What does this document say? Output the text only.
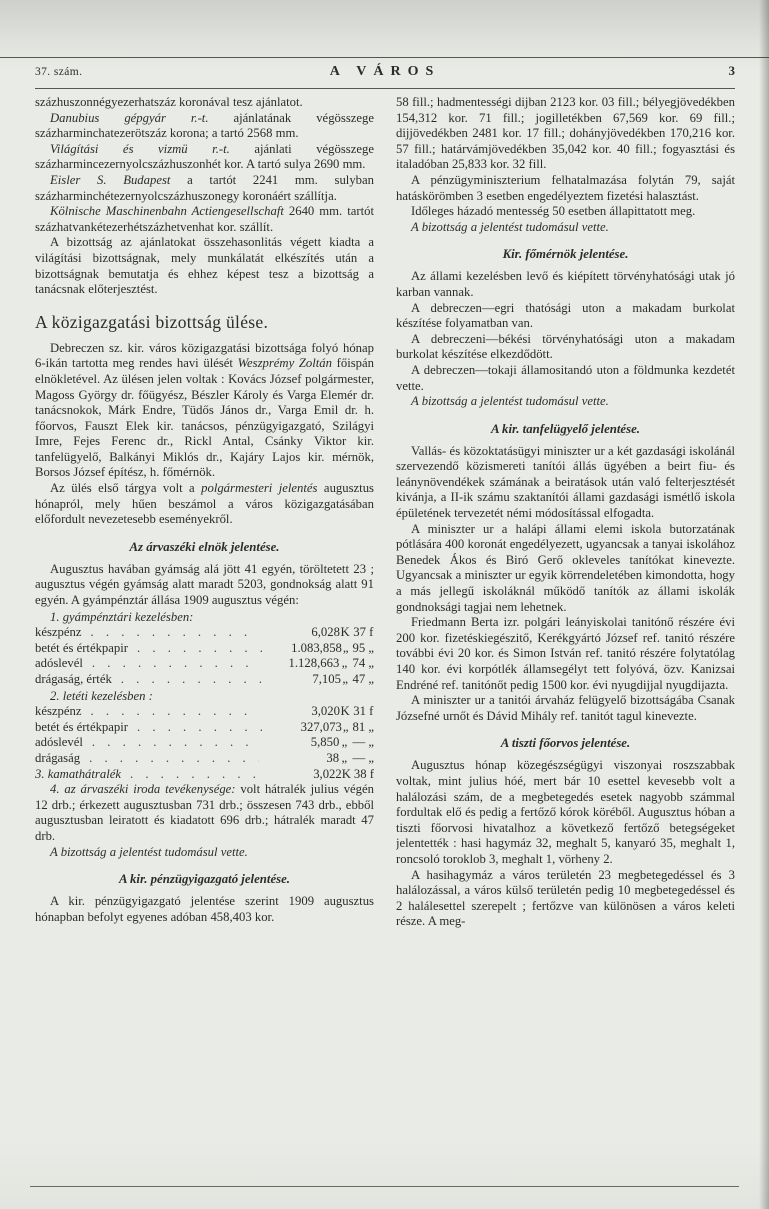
37. szám.	A VÁROS	3

százhuszonnégyezerhatszáz koronával tesz ajánlatot.

Danubius gépgyár r.-t. ajánlatának végösszege százharminchatezerötszáz korona; a tartó 2568 mm.

Világítási és vizmü r.-t. ajánlati végösszege százharmincezernyolcszázhuszonhét kor. A tartó sulya 2690 mm.

Eisler S. Budapest a tartót 2241 mm. sulyban százharminchétezernyolcszázhuszonegy koronáért szállítja.

Kölnische Maschinenbahn Actiengesellschaft 2640 mm. tartót százhatvankétezerhétszázhetvenhat kor. szállít.

A bizottság az ajánlatokat összehasonlitás végett kiadta a világítási bizottságnak, mely munkálatát elkészítés után a bizottságnak bemutatja és ehhez képest tesz a bizottság a tanácsnak előterjesztést.

A közigazgatási bizottság ülése.

Debreczen sz. kir. város közigazgatási bizottsága folyó hónap 6-ikán tartotta meg rendes havi ülését Weszprémy Zoltán főispán elnökletével. Az ülésen jelen voltak : Kovács József polgármester, Magoss György dr. főügyész, Bészler Károly és Varga Elemér dr. tanácsnokok, Márk Endre, Tüdős János dr., Varga Emil dr. h. főorvos, Fauszt Elek kir. tanácsos, pénzügyigazgató, Szilágyi Imre, Fejes Ferenc dr., Rickl Antal, Csánky Viktor kir. tanfelügyelő, Balkányi Miklós dr., Kajáry Lajos kir. mérnök, Borsos József építész, h. főmérnök.

Az ülés első tárgya volt a polgármesteri jelentés augusztus hónapról, mely hűen beszámol a város közigazgatásában előfordult nevezetesebb eseményekről.

Az árvaszéki elnök jelentése.

Augusztus havában gyámság alá jött 41 egyén, töröltetett 23 ; augusztus végén gyámság alatt maradt 5203, gondnokság alatt 91 egyén. A gyámpénztár állása 1909 augusztus végén:

1. gyámpénztári kezelésben:

készpénz . . .	6,028 K 37 f
betét és értékpapir . . .	1.083,858 „ 95 „
adóslevél . . .	1.128,663 „ 74 „
drágaság, érték . . .	7,105 „ 47 „

2. letéti kezelésben :

készpénz . . .	3,020 K 31 f
betét és értékpapir . . .	327,073 „ 81 „
adóslevél . . .	5,850 „ — „
drágaság . . .	38 „ — „
3. kamathátralék . . .	3,022 K 38 f

4. az árvaszéki iroda tevékenysége: volt hátralék julius végén 12 drb.; érkezett augusztusban 731 drb.; összesen 743 drb., ebből augusztusban leiratott és kiadatott 696 drb.; hátralék maradt 47 drb.

A bizottság a jelentést tudomásul vette.

A kir. pénzügyigazgató jelentése.

A kir. pénzügyigazgató jelentése szerint 1909 augusztus hónapban befolyt egyenes adóban 458,403 kor.

58 fill.; hadmentességi dijban 2123 kor. 03 fill.; bélyegjövedékben 154,312 kor. 71 fill.; jogilletékben 67,569 kor. 69 fill.; dijjövedékben 2481 kor. 17 fill.; dohányjövedékben 170,216 kor. 57 fill.; határvámjövedékben 35,042 kor. 40 fill.; fogyasztási és italadóban 25,833 kor. 32 fill.

A pénzügyminiszterium felhatalmazása folytán 79, saját hatáskörömben 3 esetben engedélyeztem fizetési halasztást.

Időleges házadó mentesség 50 esetben állapittatott meg.

A bizottság a jelentést tudomásul vette.

Kir. főmérnök jelentése.

Az állami kezelésben levő és kiépített törvényhatósági utak jó karban vannak.

A debreczen—egri thatósági uton a makadam burkolat készítése folyamatban van.

A debreczeni—békési törvényhatósági uton a makadam burkolat készítése elkezdődött.

A debreczen—tokaji államositandó uton a földmunka kezdetét vette.

A bizottság a jelentést tudomásul vette.

A kir. tanfelügyelő jelentése.

Vallás- és közoktatásügyi miniszter ur a két gazdasági iskolánál szervezendő közismereti tanítói állás ügyében a beirt fiu- és leánynövendékek számának a beiratások után való felterjesztését kivánja, a II-ik számu szaktanítói állami gazdasági ismétlő iskola épületének tervezetét némi módosítással elfogadta.

A miniszter ur a halápi állami elemi iskola butorzatának pótlására 400 koronát engedélyezett, ugyancsak a tanyai iskolához Benedek Ákos és Biró Gerő okleveles tanítókat kinevezte. Ugyancsak a miniszter ur egyik körrendeletében kimondotta, hogy a más jellegű iskoláknál működő tanítók az állami iskolák gondnoksági tagjai nem lehetnek.

Friedmann Berta izr. polgári leányiskolai tanitónő részére évi 200 kor. fizetéskiegészitő, Kerékgyártó József ref. tanitó részére további évi 20 kor. és Simon István ref. tanitó részére folytatólag 140 kor. évi korpótlék államsegélyt tett folyóvá, özv. Kanizsai Endréné ref. tanitónőt pedig 1500 kor. évi nyugdijjal nyugdijazta.

A miniszter ur a tanitói árvaház felügyelő bizottságába Csanak Józsefné urnőt és Dávid Mihály ref. tanitót tagul kinevezte.

A tiszti főorvos jelentése.

Augusztus hónap közegészségügyi viszonyai roszszabbak voltak, mint julius hóé, mert bár 10 esettel kevesebb volt a halálozási szám, de a megbetegedés esetek nagyobb számmal fordultak elő és pedig a fertőző kórok köréből. Augusztus hóban a tiszti főorvosi hivatalhoz a következő fertőző betegségeket jelentették : hasi hagymáz 32, meghalt 5, kanyaró 35, meghalt 1, roncsoló toroklob 3, meghalt 1, vörheny 2.

A hasihagymáz a város területén 23 megbetegedéssel és 3 halálozással, a város külső területén pedig 10 megbetegedéssel és 2 halálesettel szerepelt ; fertőzve van különösen a város keleti része. A meg-
